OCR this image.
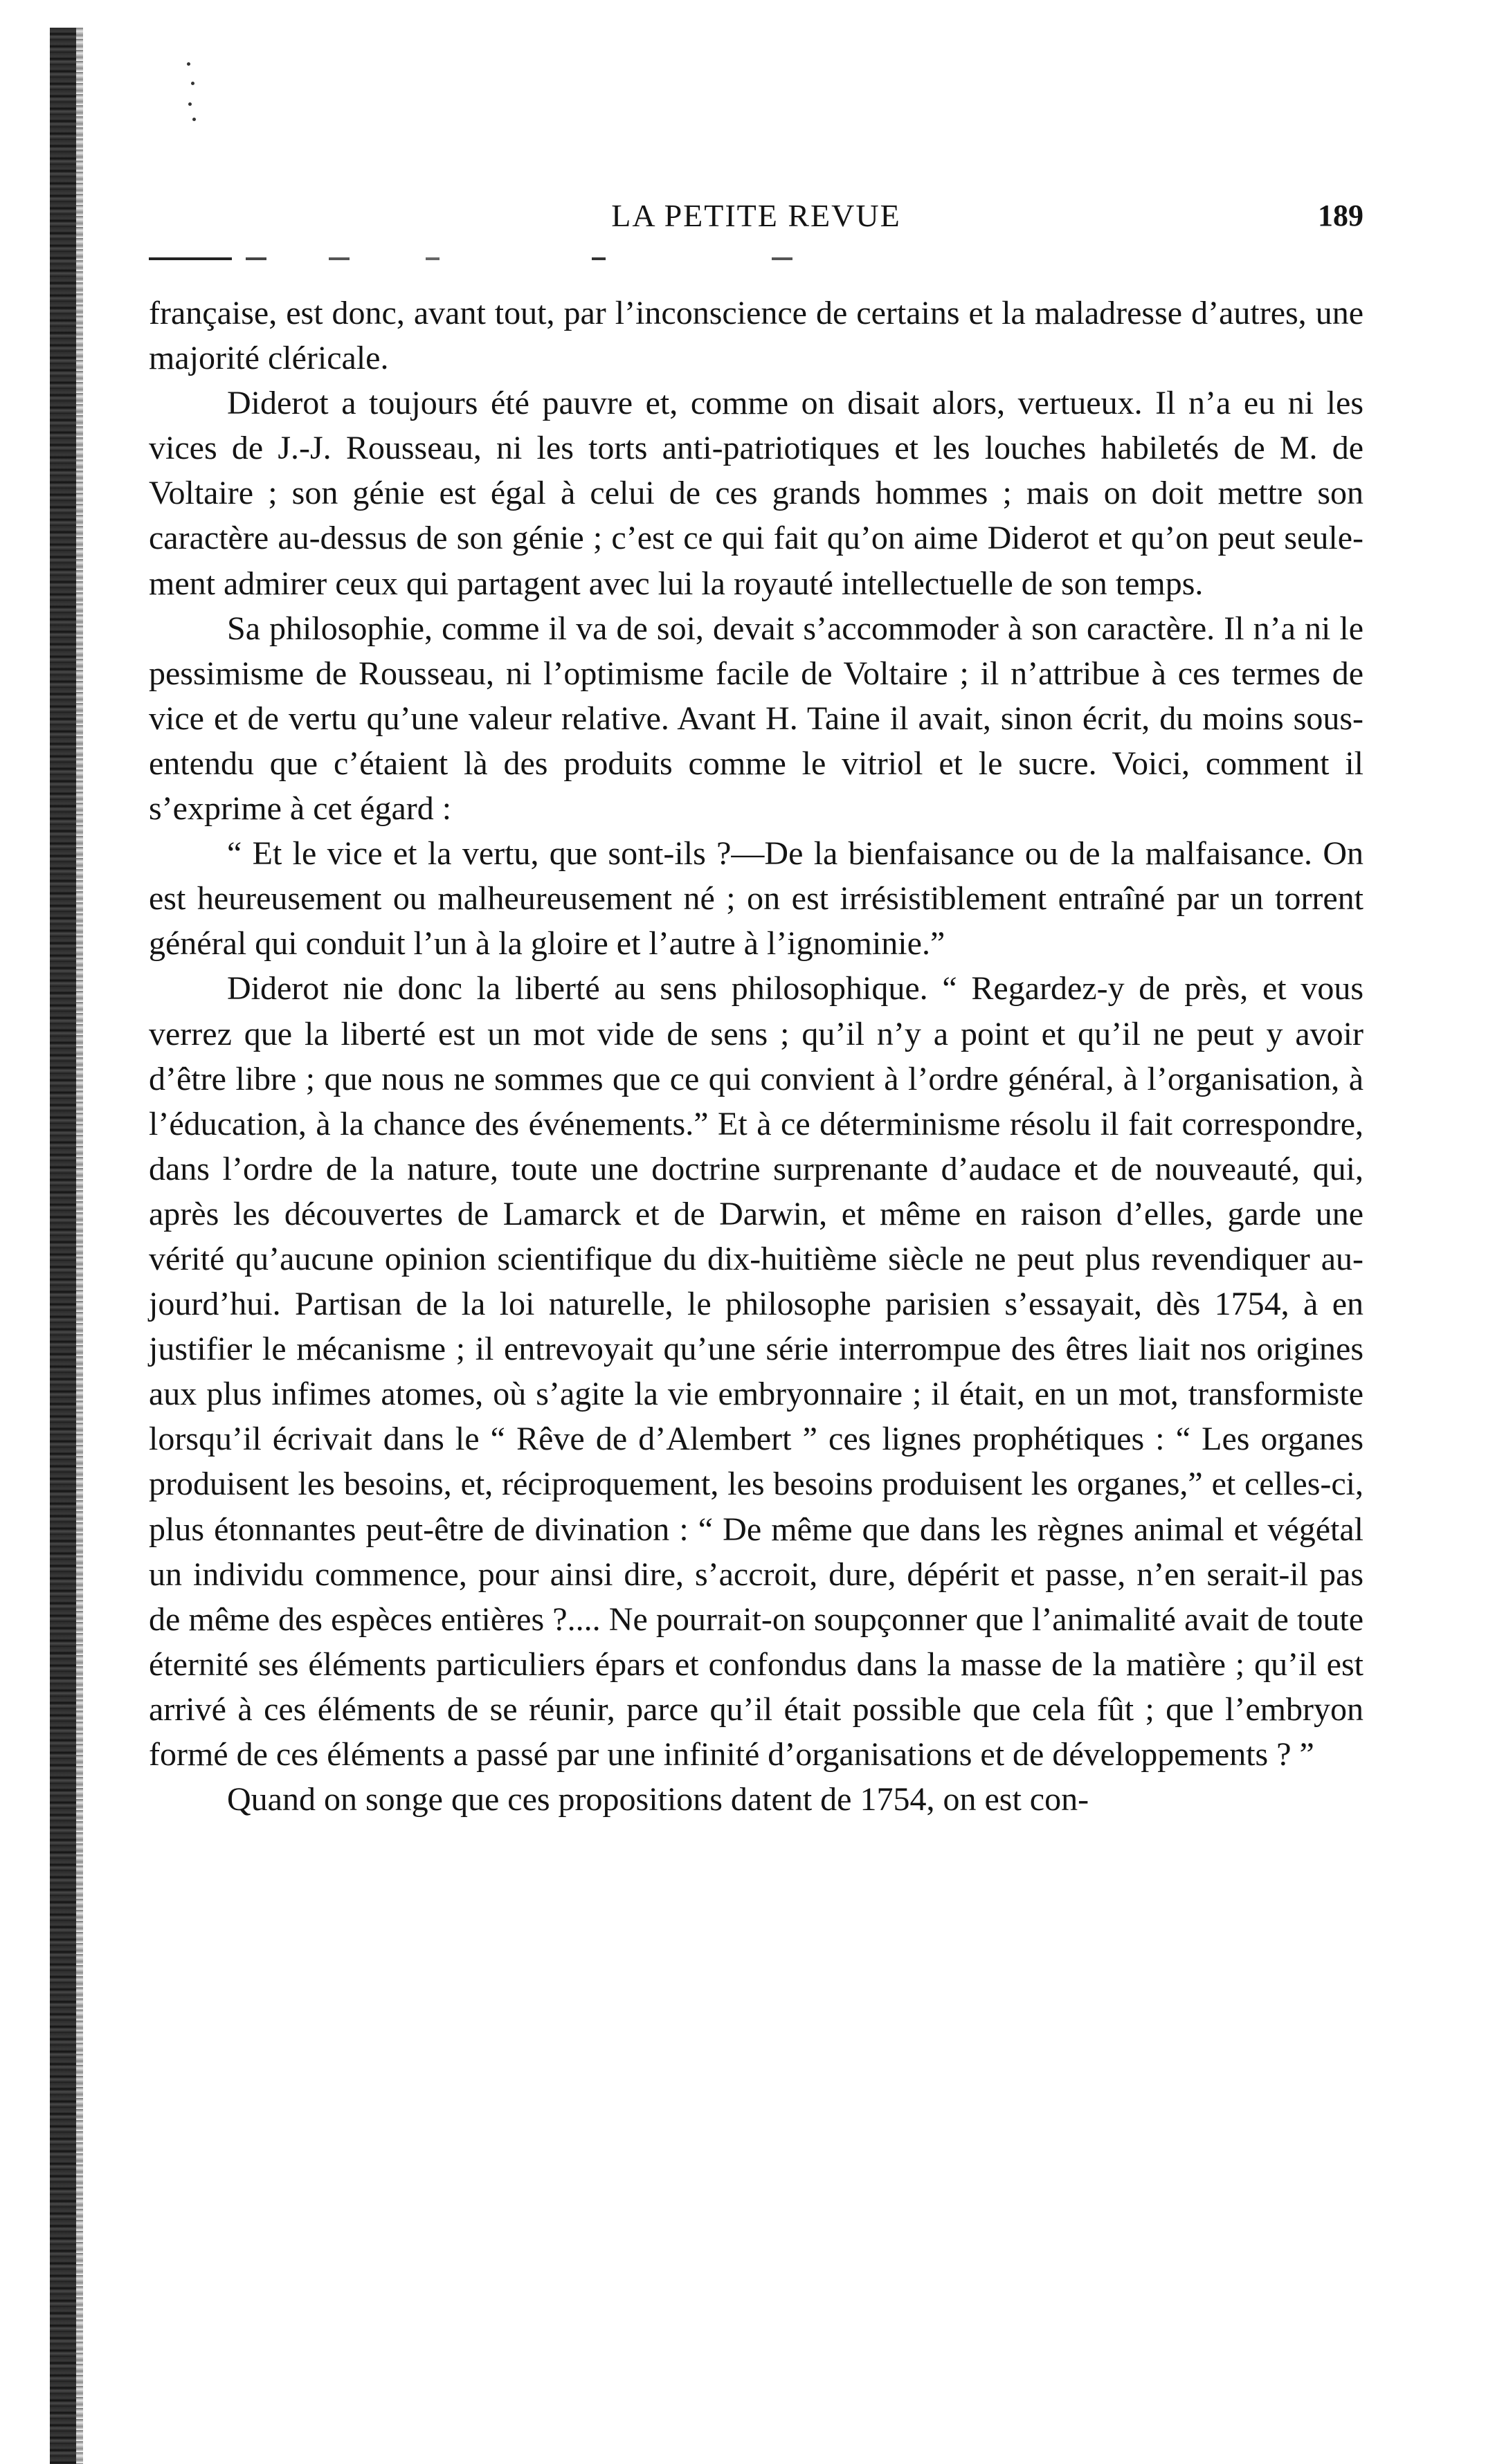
LA PETITE REVUE	189

française, est donc, avant tout, par l’inconscience de certains et la maladresse d’autres, une majorité cléricale.

Diderot a toujours été pauvre et, comme on disait alors, vertueux. Il n’a eu ni les vices de J.-J. Rousseau, ni les torts anti-patriotiques et les louches habiletés de M. de Voltaire ; son génie est égal à celui de ces grands hommes ; mais on doit mettre son caractère au-dessus de son génie ; c’est ce qui fait qu’on aime Diderot et qu’on peut seulement admirer ceux qui partagent avec lui la royauté intellectuelle de son temps.

Sa philosophie, comme il va de soi, devait s’accommoder à son caractère. Il n’a ni le pessimisme de Rousseau, ni l’optimisme facile de Voltaire ; il n’attribue à ces termes de vice et de vertu qu’une valeur relative. Avant H. Taine il avait, sinon écrit, du moins sousentendu que c’étaient là des produits comme le vitriol et le sucre. Voici, comment il s’exprime à cet égard :

“ Et le vice et la vertu, que sont-ils ?—De la bienfaisance ou de la malfaisance. On est heureusement ou malheureusement né ; on est irrésistiblement entraîné par un torrent général qui conduit l’un à la gloire et l’autre à l’ignominie.”

Diderot nie donc la liberté au sens philosophique. “ Regardez-y de près, et vous verrez que la liberté est un mot vide de sens ; qu’il n’y a point et qu’il ne peut y avoir d’être libre ; que nous ne sommes que ce qui convient à l’ordre général, à l’organisation, à l’éducation, à la chance des événements.” Et à ce déterminisme résolu il fait correspondre, dans l’ordre de la nature, toute une doctrine surprenante d’audace et de nouveauté, qui, après les découvertes de Lamarck et de Darwin, et même en raison d’elles, garde une vérité qu’aucune opinion scientifique du dix-huitième siècle ne peut plus revendiquer aujourd’hui. Partisan de la loi naturelle, le philosophe parisien s’essayait, dès 1754, à en justifier le mécanisme ; il entrevoyait qu’une série interrompue des êtres liait nos origines aux plus infimes atomes, où s’agite la vie embryonnaire ; il était, en un mot, transformiste lorsqu’il écrivait dans le “ Rêve de d’Alembert ” ces lignes prophétiques : “ Les organes produisent les besoins, et, réciproquement, les besoins produisent les organes,” et celles-ci, plus étonnantes peut-être de divination : “ De même que dans les règnes animal et végétal un individu commence, pour ainsi dire, s’accroit, dure, dépérit et passe, n’en serait-il pas de même des espèces entières ?.... Ne pourrait-on soupçonner que l’animalité avait de toute éternité ses éléments particuliers épars et confondus dans la masse de la matière ; qu’il est arrivé à ces éléments de se réunir, parce qu’il était possible que cela fût ; que l’embryon formé de ces éléments a passé par une infinité d’organisations et de développements ? ”

Quand on songe que ces propositions datent de 1754, on est con-
